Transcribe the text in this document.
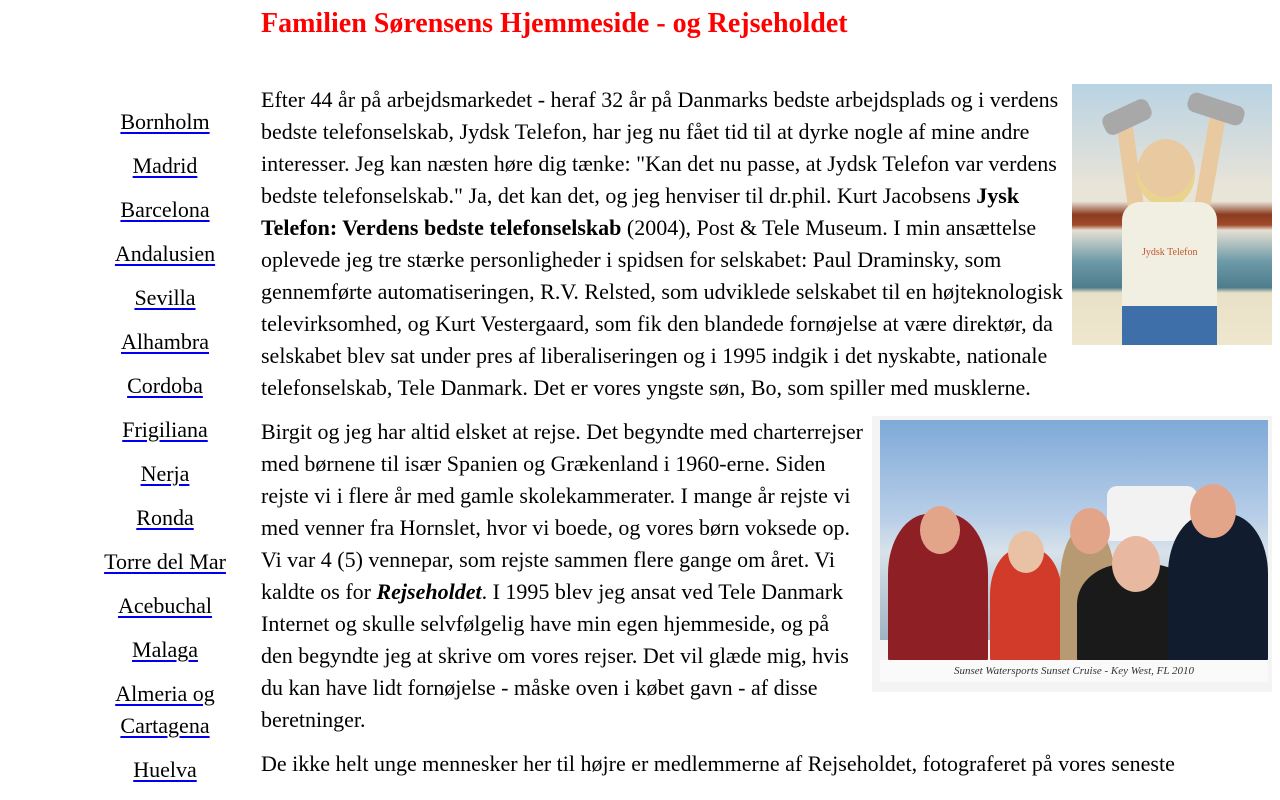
Familien Sørensens Hjemmeside - og Rejseholdet
Bornholm
Madrid
Barcelona
Andalusien
Sevilla
Alhambra
Cordoba
Frigiliana
Nerja
Ronda
Torre del Mar
Acebuchal
Malaga
Almeria og Cartagena
Huelva
Jydsk Telefon

Efter 44 år på arbejdsmarkedet - heraf 32 år på Danmarks bedste arbejdsplads og i verdens bedste telefonselskab, Jydsk Telefon, har jeg nu fået tid til at dyrke nogle af mine andre interesser. Jeg kan næsten høre dig tænke: "Kan det nu passe, at Jydsk Telefon var verdens bedste telefonselskab." Ja, det kan det, og jeg henviser til dr.phil. Kurt Jacobsens Jysk Telefon: Verdens bedste telefonselskab (2004), Post & Tele Museum. I min ansættelse oplevede jeg tre stærke personligheder i spidsen for selskabet: Paul Draminsky, som gennemførte automatiseringen, R.V. Relsted, som udviklede selskabet til en højteknologisk televirksomhed, og Kurt Vestergaard, som fik den blandede fornøjelse at være direktør, da selskabet blev sat under pres af liberaliseringen og i 1995 indgik i det nyskabte, nationale telefonselskab, Tele Danmark. Det er vores yngste søn, Bo, som spiller med musklerne.

Sunset Watersports Sunset Cruise - Key West, FL 2010

Birgit og jeg har altid elsket at rejse. Det begyndte med charterrejser med børnene til især Spanien og Grækenland i 1960-erne. Siden rejste vi i flere år med gamle skolekammerater. I mange år rejste vi med venner fra Hornslet, hvor vi boede, og vores børn voksede op. Vi var 4 (5) vennepar, som rejste sammen flere gange om året. Vi kaldte os for Rejseholdet. I 1995 blev jeg ansat ved Tele Danmark Internet og skulle selvfølgelig have min egen hjemmeside, og på den begyndte jeg at skrive om vores rejser. Det vil glæde mig, hvis du kan have lidt fornøjelse - måske oven i købet gavn - af disse beretninger.

De ikke helt unge mennesker her til højre er medlemmerne af Rejseholdet, fotograferet på vores seneste
